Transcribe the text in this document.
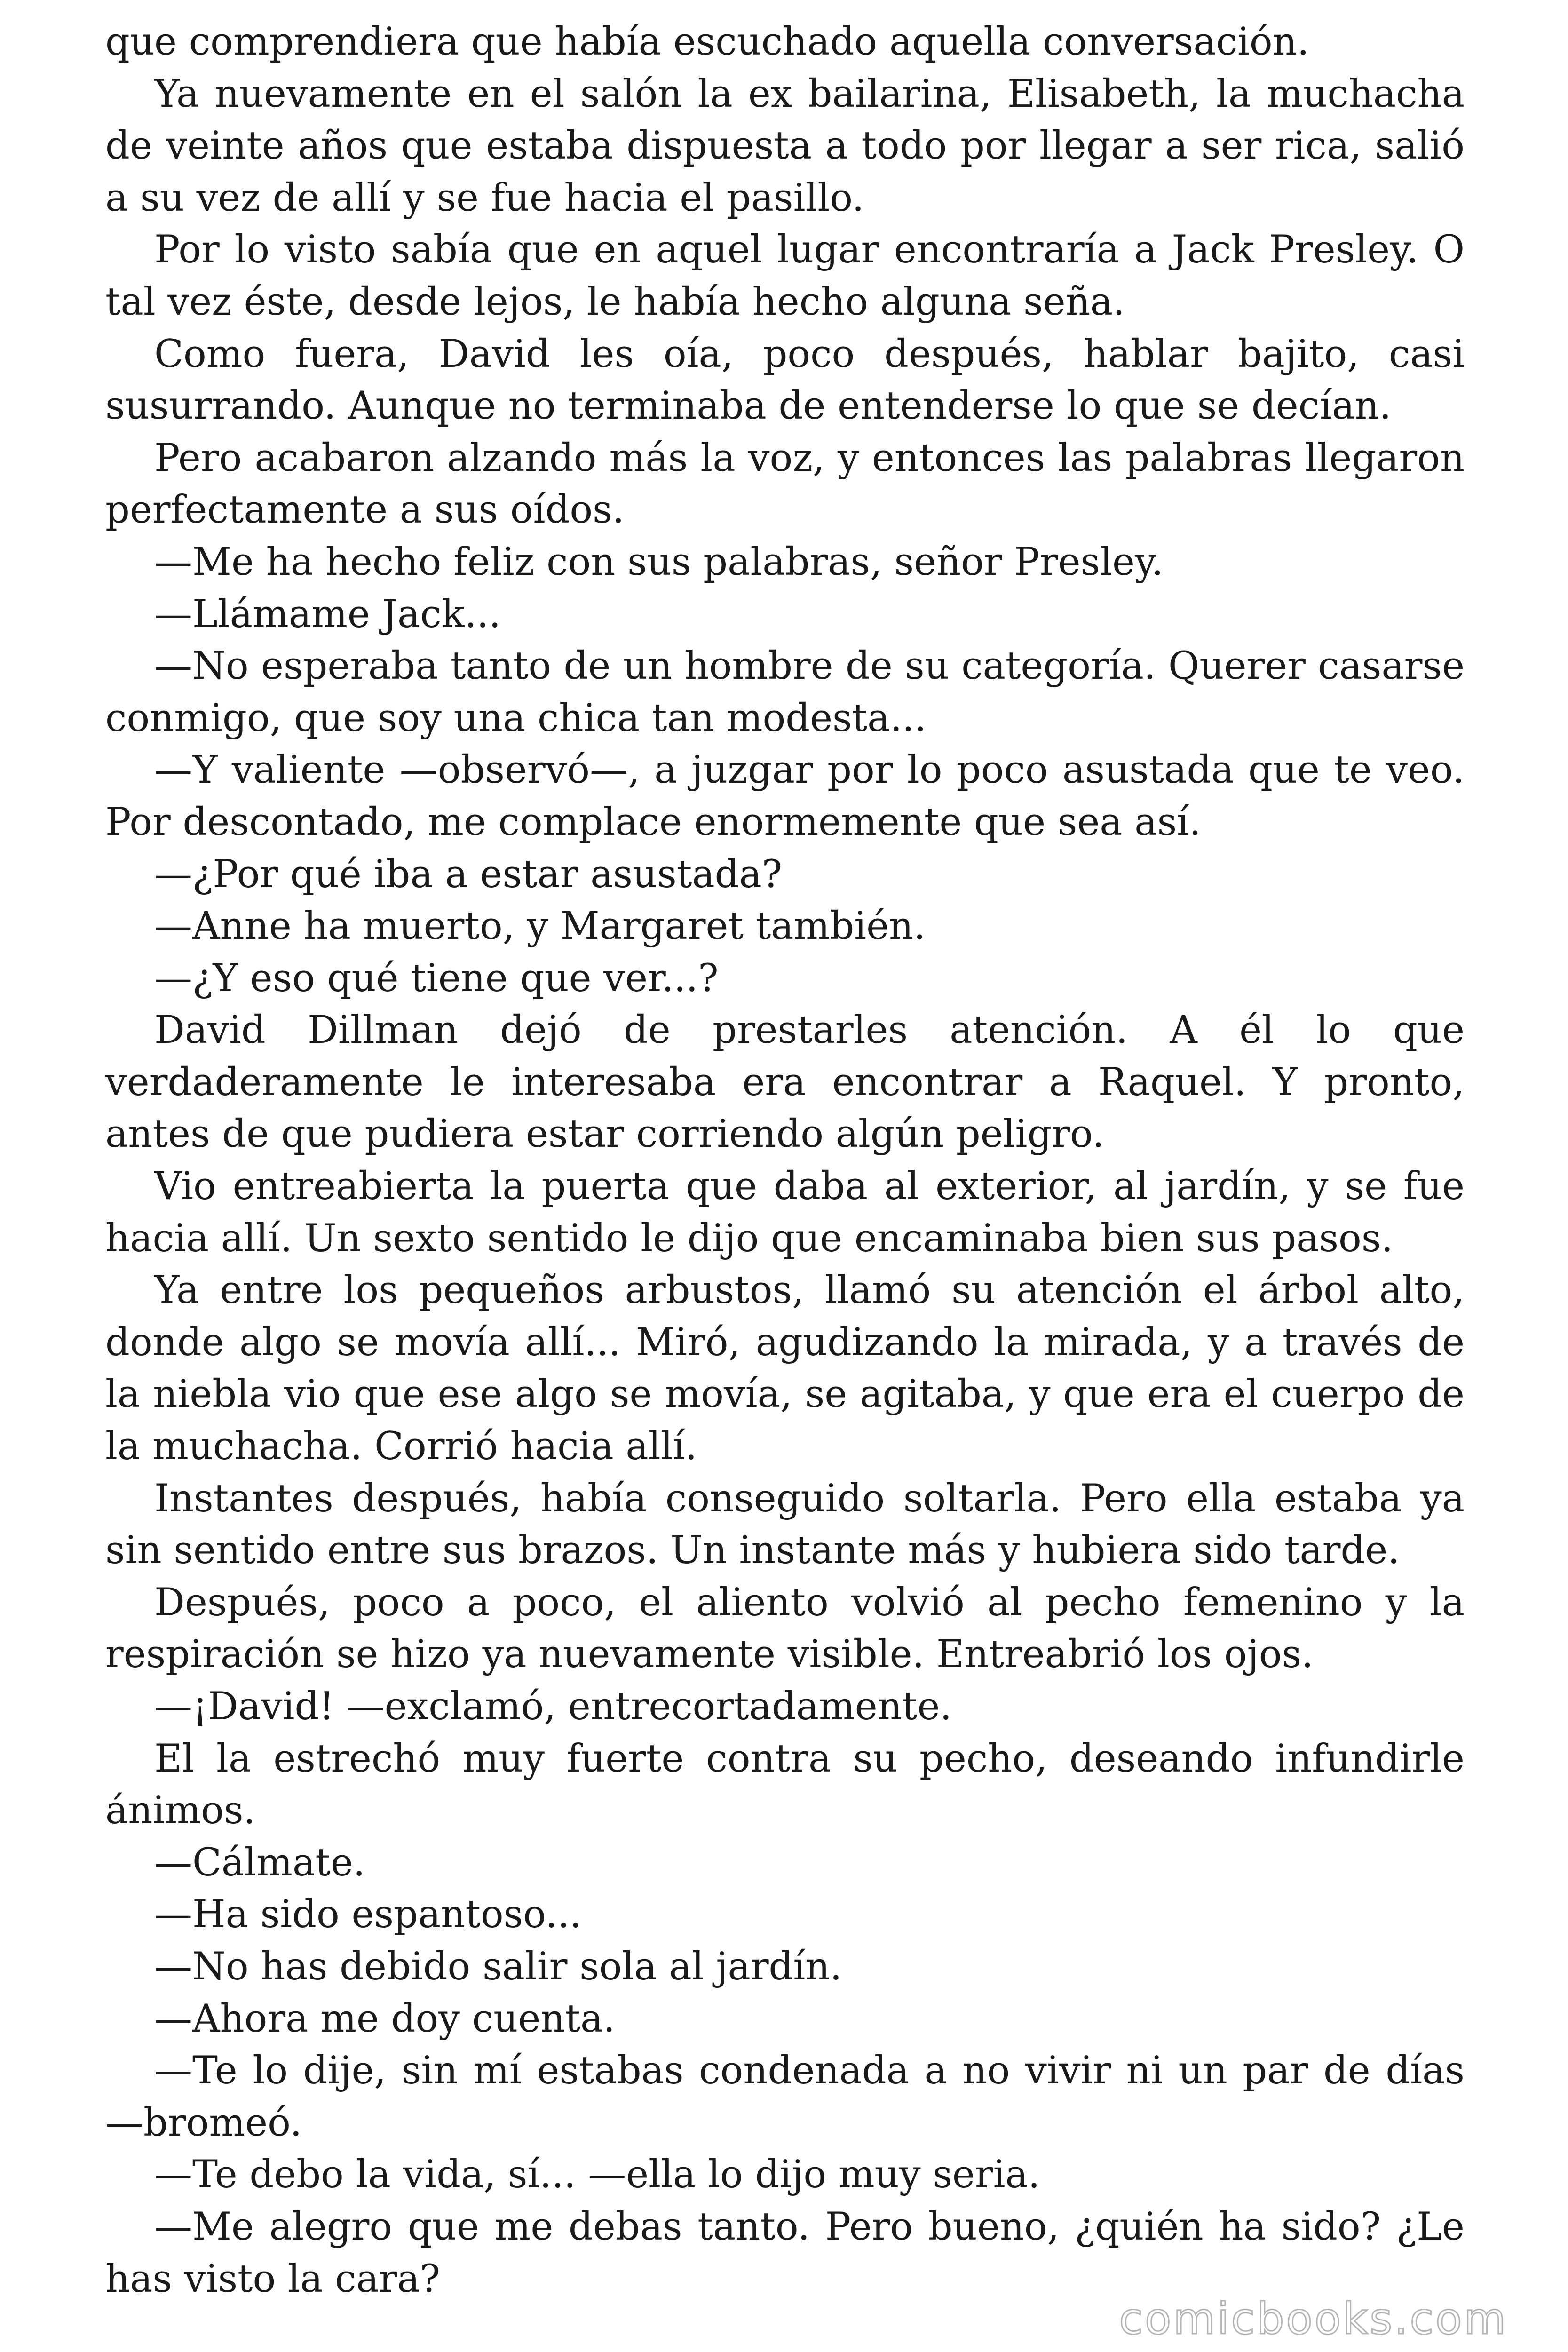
que comprendiera que había escuchado aquella conversación.

Ya nuevamente en el salón la ex bailarina, Elisabeth, la muchacha de veinte años que estaba dispuesta a todo por llegar a ser rica, salió a su vez de allí y se fue hacia el pasillo.

Por lo visto sabía que en aquel lugar encontraría a Jack Presley. O tal vez éste, desde lejos, le había hecho alguna seña.

Como fuera, David les oía, poco después, hablar bajito, casi susurrando. Aunque no terminaba de entenderse lo que se decían.

Pero acabaron alzando más la voz, y entonces las palabras llegaron perfectamente a sus oídos.

—Me ha hecho feliz con sus palabras, señor Presley.

—Llámame Jack...

—No esperaba tanto de un hombre de su categoría. Querer casarse conmigo, que soy una chica tan modesta...

—Y valiente —observó—, a juzgar por lo poco asustada que te veo. Por descontado, me complace enormemente que sea así.

—¿Por qué iba a estar asustada?

—Anne ha muerto, y Margaret también.

—¿Y eso qué tiene que ver...?

David Dillman dejó de prestarles atención. A él lo que verdaderamente le interesaba era encontrar a Raquel. Y pronto, antes de que pudiera estar corriendo algún peligro.

Vio entreabierta la puerta que daba al exterior, al jardín, y se fue hacia allí. Un sexto sentido le dijo que encaminaba bien sus pasos.

Ya entre los pequeños arbustos, llamó su atención el árbol alto, donde algo se movía allí... Miró, agudizando la mirada, y a través de la niebla vio que ese algo se movía, se agitaba, y que era el cuerpo de la muchacha. Corrió hacia allí.

Instantes después, había conseguido soltarla. Pero ella estaba ya sin sentido entre sus brazos. Un instante más y hubiera sido tarde.

Después, poco a poco, el aliento volvió al pecho femenino y la respiración se hizo ya nuevamente visible. Entreabrió los ojos.

—¡David! —exclamó, entrecortadamente.

El la estrechó muy fuerte contra su pecho, deseando infundirle ánimos.

—Cálmate.

—Ha sido espantoso...

—No has debido salir sola al jardín.

—Ahora me doy cuenta.

—Te lo dije, sin mí estabas condenada a no vivir ni un par de días —bromeó.

—Te debo la vida, sí... —ella lo dijo muy seria.

—Me alegro que me debas tanto. Pero bueno, ¿quién ha sido? ¿Le has visto la cara?

comicbooks.com
